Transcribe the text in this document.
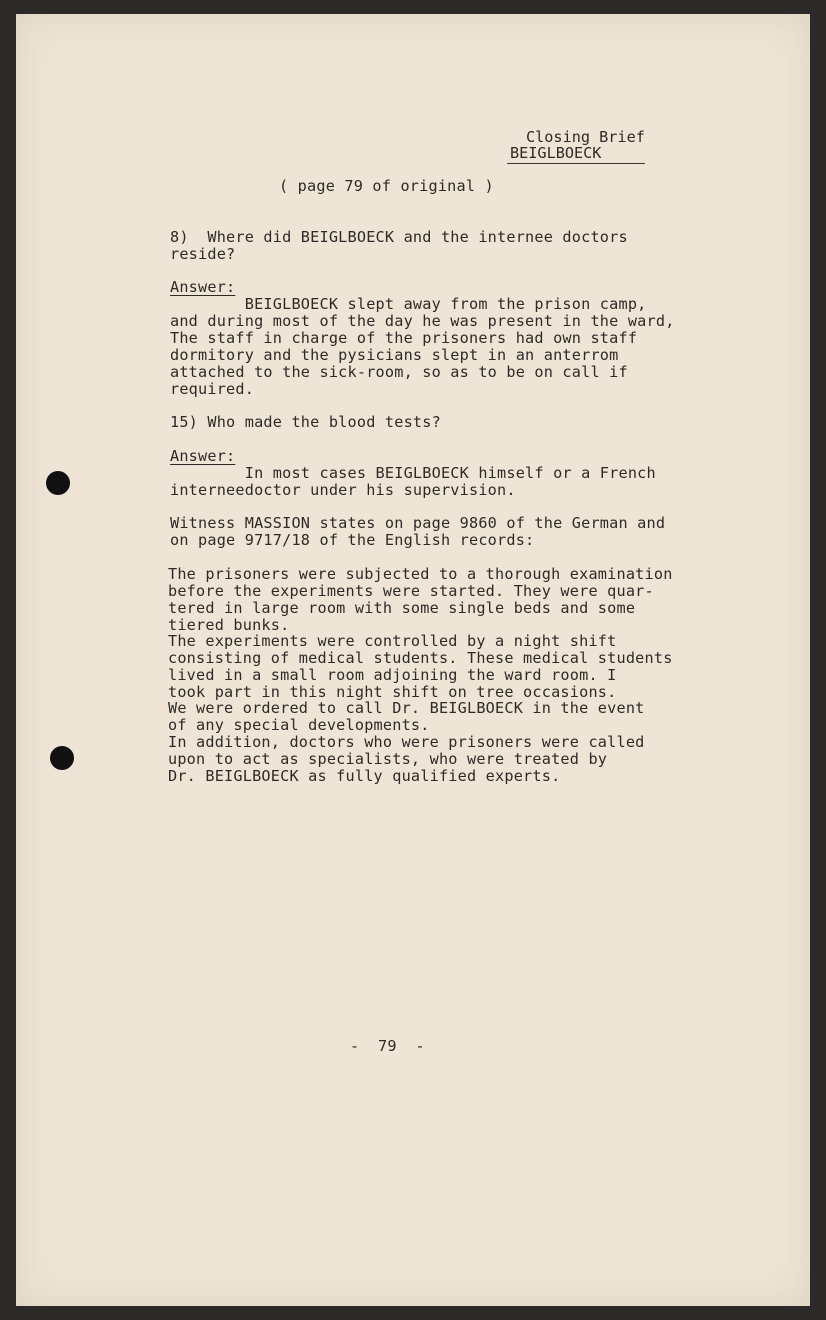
Closing Brief
BEIGLBOECK
( page 79 of original )
8)  Where did BEIGLBOECK and the internee doctors
reside?
Answer:
BEIGLBOECK slept away from the prison camp,
and during most of the day he was present in the ward,
The staff in charge of the prisoners had own staff
dormitory and the pysicians slept in an anterrom
attached to the sick-room, so as to be on call if
required.
15) Who made the blood tests?
Answer:
In most cases BEIGLBOECK himself or a French
interneedoctor under his supervision.
Witness MASSION states on page 9860 of the German and
on page 9717/18 of the English records:
The prisoners were subjected to a thorough examination
before the experiments were started. They were quar-
tered in large room with some single beds and some
tiered bunks.
The experiments were controlled by a night shift
consisting of medical students. These medical students
lived in a small room adjoining the ward room. I
took part in this night shift on tree occasions.
We were ordered to call Dr. BEIGLBOECK in the event
of any special developments.
In addition, doctors who were prisoners were called
upon to act as specialists, who were treated by
Dr. BEIGLBOECK as fully qualified experts.
-  79  -
